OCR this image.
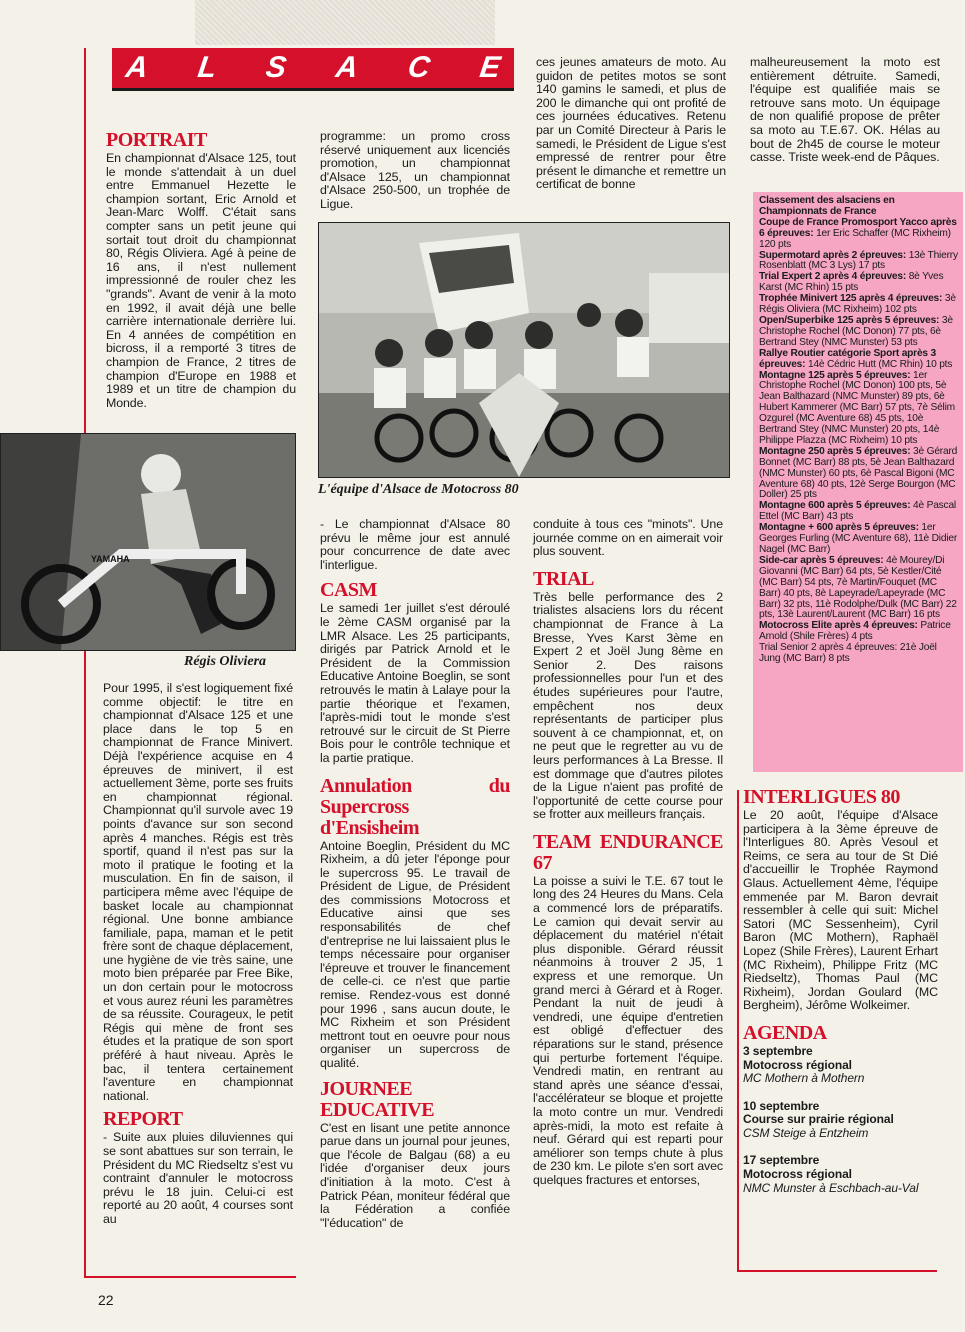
A L S A C E
PORTRAIT

En championnat d'Alsace 125, tout le monde s'attendait à un duel entre Emmanuel Hezette le champion sortant, Eric Arnold et Jean-Marc Wolff. C'était sans compter sans un petit jeune qui sortait tout droit du championnat 80, Régis Oliviera. Agé à peine de 16 ans, il n'est nullement impressionné de rouler chez les "grands". Avant de venir à la moto en 1992, il avait déjà une belle carrière internationale derrière lui. En 4 années de compétition en bicross, il a remporté 3 titres de champion de France, 2 titres de champion d'Europe en 1988 et 1989 et un titre de champion du Monde.

YAMAHA
Régis Oliviera

Pour 1995, il s'est logiquement fixé comme objectif: le titre en championnat d'Alsace 125 et une place dans le top 5 en championnat de France Minivert. Déjà l'expérience acquise en 4 épreuves de minivert, il est actuellement 3ème, porte ses fruits en championnat régional. Championnat qu'il survole avec 19 points d'avance sur son second après 4 manches. Régis est très sportif, quand il n'est pas sur la moto il pratique le footing et la musculation. En fin de saison, il participera même avec l'équipe de basket locale au championnat régional. Une bonne ambiance familiale, papa, maman et le petit frère sont de chaque déplacement, une hygiène de vie très saine, une moto bien préparée par Free Bike, un don certain pour le motocross et vous aurez réuni les paramètres de sa réussite. Courageux, le petit Régis qui mène de front ses études et la pratique de son sport préféré à haut niveau. Après le bac, il tentera certainement l'aventure en championnat national.

REPORT

- Suite aux pluies diluviennes qui se sont abattues sur son terrain, le Président du MC Riedseltz s'est vu contraint d'annuler le motocross prévu le 18 juin. Celui-ci est reporté au 20 août, 4 courses sont au

programme: un promo cross réservé uniquement aux licenciés promotion, un championnat d'Alsace 125, un championnat d'Alsace 250-500, un trophée de Ligue.

ces jeunes amateurs de moto. Au guidon de petites motos se sont 140 gamins le samedi, et plus de 200 le dimanche qui ont profité de ces journées éducatives. Retenu par un Comité Directeur à Paris le samedi, le Président de Ligue s'est empressé de rentrer pour être présent le dimanche et remettre un certificat de bonne

L'équipe d'Alsace de Motocross 80

- Le championnat d'Alsace 80 prévu le même jour est annulé pour concurrence de date avec l'interligue.

CASM

Le samedi 1er juillet s'est déroulé le 2ème CASM organisé par la LMR Alsace. Les 25 participants, dirigés par Patrick Arnold et le Président de la Commission Educative Antoine Boeglin, se sont retrouvés le matin à Lalaye pour la partie théorique et l'examen, l'après-midi tout le monde s'est retrouvé sur le circuit de St Pierre Bois pour le contrôle technique et la partie pratique.

Annulation du Supercross d'Ensisheim

Antoine Boeglin, Président du MC Rixheim, a dû jeter l'éponge pour le supercross 95. Le travail de Président de Ligue, de Président des commissions Motocross et Educative ainsi que ses responsabilités de chef d'entreprise ne lui laissaient plus le temps nécessaire pour organiser l'épreuve et trouver le financement de celle-ci. ce n'est que partie remise. Rendez-vous est donné pour 1996 , sans aucun doute, le MC Rixheim et son Président mettront tout en oeuvre pour nous organiser un supercross de qualité.

JOURNEE EDUCATIVE

C'est en lisant une petite annonce parue dans un journal pour jeunes, que l'école de Balgau (68) a eu l'idée d'organiser deux jours d'initiation à la moto. C'est à Patrick Péan, moniteur fédéral que la Fédération a confiée "l'éducation" de

conduite à tous ces "minots". Une journée comme on en aimerait voir plus souvent.

TRIAL

Très belle performance des 2 trialistes alsaciens lors du récent championnat de France à La Bresse, Yves Karst 3ème en Expert 2 et Joël Jung 8ème en Senior 2. Des raisons professionnelles pour l'un et des études supérieures pour l'autre, empêchent nos deux représentants de participer plus souvent à ce championnat, et, on ne peut que le regretter au vu de leurs performances à La Bresse. Il est dommage que d'autres pilotes de la Ligue n'aient pas profité de l'opportunité de cette course pour se frotter aux meilleurs français.

TEAM ENDURANCE 67

La poisse a suivi le T.E. 67 tout le long des 24 Heures du Mans. Cela a commencé lors de préparatifs. Le camion qui devait servir au déplacement du matériel n'était plus disponible. Gérard réussit néanmoins à trouver 2 J5, 1 express et une remorque. Un grand merci à Gérard et à Roger. Pendant la nuit de jeudi à vendredi, une équipe d'entretien est obligé d'effectuer des réparations sur le stand, présence qui perturbe fortement l'équipe. Vendredi matin, en rentrant au stand après une séance d'essai, l'accélérateur se bloque et projette la moto contre un mur. Vendredi après-midi, la moto est refaite à neuf. Gérard qui est reparti pour améliorer son temps chute à plus de 230 km. Le pilote s'en sort avec quelques fractures et entorses,

malheureusement la moto est entièrement détruite. Samedi, l'équipe est qualifiée mais se retrouve sans moto. Un équipage de non qualifié propose de prêter sa moto au T.E.67. OK. Hélas au bout de 2h45 de course le moteur casse. Triste week-end de Pâques.

Classement des alsaciens en Championnats de France

Coupe de France Promosport Yacco après 6 épreuves: 1er Eric Schaffer (MC Rixheim) 120 pts

Supermotard après 2 épreuves: 13è Thierry Rosenblatt (MC 3 Lys) 17 pts

Trial Expert 2 après 4 épreuves: 8è Yves Karst (MC Rhin) 15 pts

Trophée Minivert 125 après 4 épreuves: 3è Régis Oliviera (MC Rixheim) 102 pts

Open/Superbike 125 après 5 épreuves: 3è Christophe Rochel (MC Donon) 77 pts, 6è Bertrand Stey (NMC Munster) 53 pts

Rallye Routier catégorie Sport après 3 épreuves: 14è Cédric Hutt (MC Rhin) 10 pts

Montagne 125 après 5 épreuves: 1er Christophe Rochel (MC Donon) 100 pts, 5è Jean Balthazard (NMC Munster) 89 pts, 6è Hubert Kammerer (MC Barr) 57 pts, 7è Sélim Ozgurel (MC Aventure 68) 45 pts, 10è Bertrand Stey (NMC Munster) 20 pts, 14è Philippe Plazza (MC Rixheim) 10 pts

Montagne 250 après 5 épreuves: 3è Gérard Bonnet (MC Barr) 88 pts, 5è Jean Balthazard (NMC Munster) 60 pts, 6è Pascal Bigoni (MC Aventure 68) 40 pts, 12è Serge Bourgon (MC Doller) 25 pts

Montagne 600 après 5 épreuves: 4è Pascal Ettel (MC Barr) 43 pts

Montagne + 600 après 5 épreuves: 1er Georges Furling (MC Aventure 68), 11è Didier Nagel (MC Barr)

Side-car après 5 épreuves: 4è Mourey/Di Giovanni (MC Barr) 64 pts, 5è Kestler/Cité (MC Barr) 54 pts, 7è Martin/Fouquet (MC Barr) 40 pts, 8è Lapeyrade/Lapeyrade (MC Barr) 32 pts, 11è Rodolphe/Dulk (MC Barr) 22 pts, 13è Laurent/Laurent (MC Barr) 16 pts

Motocross Elite après 4 épreuves: Patrice Arnold (Shile Frères) 4 pts

Trial Senior 2 après 4 épreuves: 21è Joël Jung (MC Barr) 8 pts

INTERLIGUES 80

Le 20 août, l'équipe d'Alsace participera à la 3ème épreuve de l'Interligues 80. Après Vesoul et Reims, ce sera au tour de St Dié d'accueillir le Trophée Raymond Glaus. Actuellement 4ème, l'équipe emmenée par M. Baron devrait ressembler à celle qui suit: Michel Satori (MC Sessenheim), Cyril Baron (MC Mothern), Raphaël Lopez (Shile Frères), Laurent Erhart (MC Rixheim), Philippe Fritz (MC Riedseltz), Thomas Paul (MC Rixheim), Jordan Goulard (MC Bergheim), Jérôme Wolkeimer.

AGENDA
3 septembre
Motocross régional
MC Mothern à Mothern
10 septembre
Course sur prairie régional
CSM Steige à Entzheim
17 septembre
Motocross régional
NMC Munster à Eschbach-au-Val
22
